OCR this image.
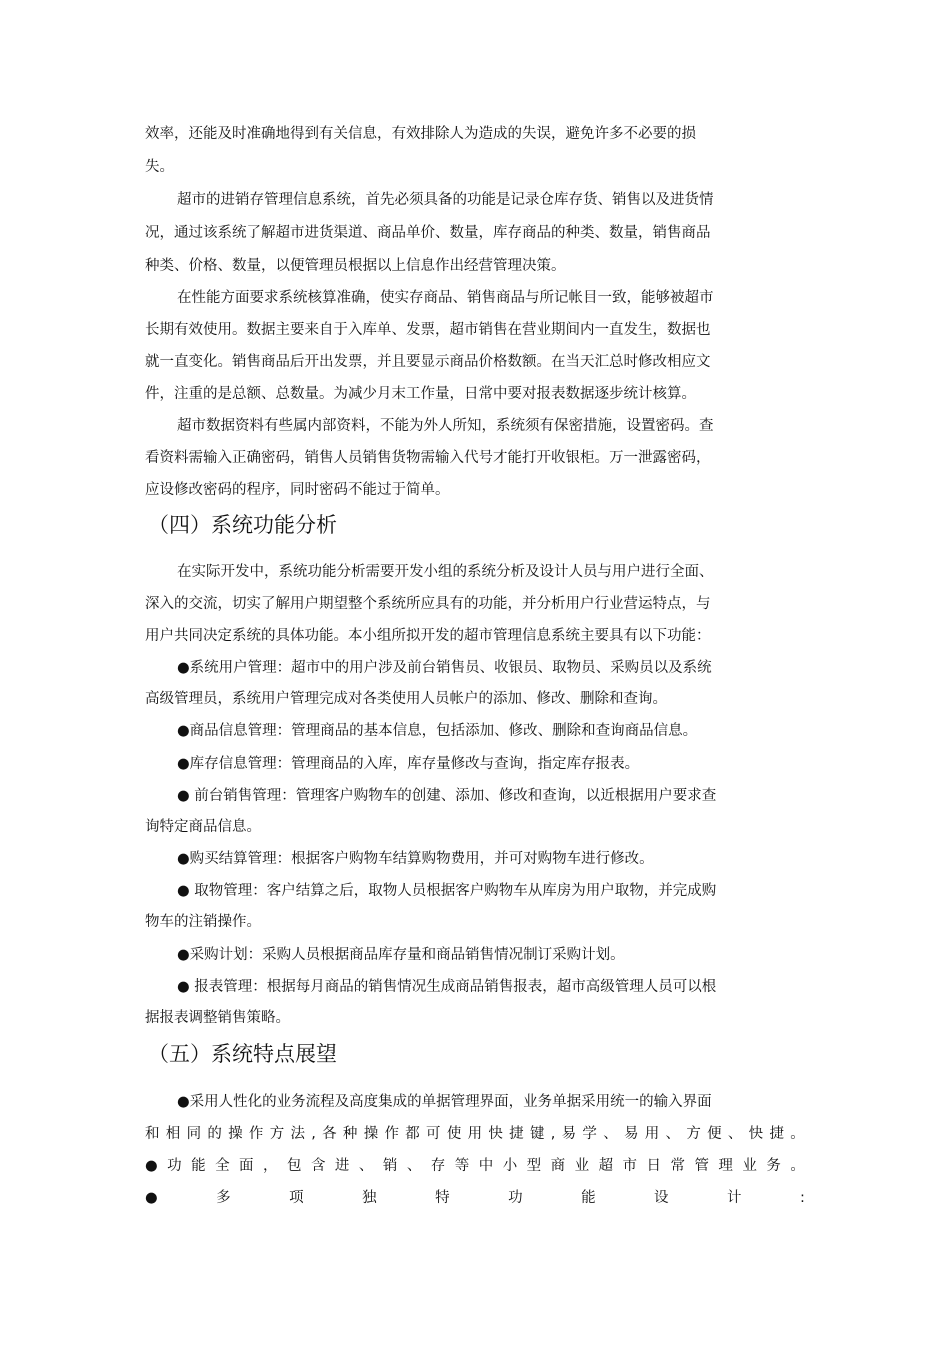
效率，还能及时准确地得到有关信息，有效排除人为造成的失误，避免许多不必要的损
失。
超市的进销存管理信息系统，首先必须具备的功能是记录仓库存货、销售以及进货情
况，通过该系统了解超市进货渠道、商品单价、数量，库存商品的种类、数量，销售商品
种类、价格、数量，以便管理员根据以上信息作出经营管理决策。
在性能方面要求系统核算准确，使实存商品、销售商品与所记帐目一致，能够被超市
长期有效使用。数据主要来自于入库单、发票，超市销售在营业期间内一直发生，数据也
就一直变化。销售商品后开出发票，并且要显示商品价格数额。在当天汇总时修改相应文
件，注重的是总额、总数量。为减少月末工作量，日常中要对报表数据逐步统计核算。
超市数据资料有些属内部资料，不能为外人所知，系统须有保密措施，设置密码。查
看资料需输入正确密码，销售人员销售货物需输入代号才能打开收银柜。万一泄露密码，
应设修改密码的程序，同时密码不能过于简单。
（四）系统功能分析
在实际开发中，系统功能分析需要开发小组的系统分析及设计人员与用户进行全面、
深入的交流，切实了解用户期望整个系统所应具有的功能，并分析用户行业营运特点，与
用户共同决定系统的具体功能。本小组所拟开发的超市管理信息系统主要具有以下功能：
●系统用户管理：超市中的用户涉及前台销售员、收银员、取物员、采购员以及系统
高级管理员，系统用户管理完成对各类使用人员帐户的添加、修改、删除和查询。
●商品信息管理：管理商品的基本信息，包括添加、修改、删除和查询商品信息。
●库存信息管理：管理商品的入库，库存量修改与查询，指定库存报表。
● 前台销售管理：管理客户购物车的创建、添加、修改和查询，以近根据用户要求查
询特定商品信息。
●购买结算管理：根据客户购物车结算购物费用，并可对购物车进行修改。
● 取物管理：客户结算之后，取物人员根据客户购物车从库房为用户取物，并完成购
物车的注销操作。
●采购计划：采购人员根据商品库存量和商品销售情况制订采购计划。
● 报表管理：根据每月商品的销售情况生成商品销售报表，超市高级管理人员可以根
据报表调整销售策略。
（五）系统特点展望
●采用人性化的业务流程及高度集成的单据管理界面，业务单据采用统一的输入界面
和 相 同 的 操 作 方 法 , 各 种 操 作 都 可 使 用 快 捷 键 , 易 学 、 易 用 、 方 便 、 快 捷 。
● 功 能 全 面 ， 包 含 进 、 销 、 存 等 中 小 型 商 业 超 市 日 常 管 理 业 务 。
●	多	项	独	特	功	能	设	计	:
